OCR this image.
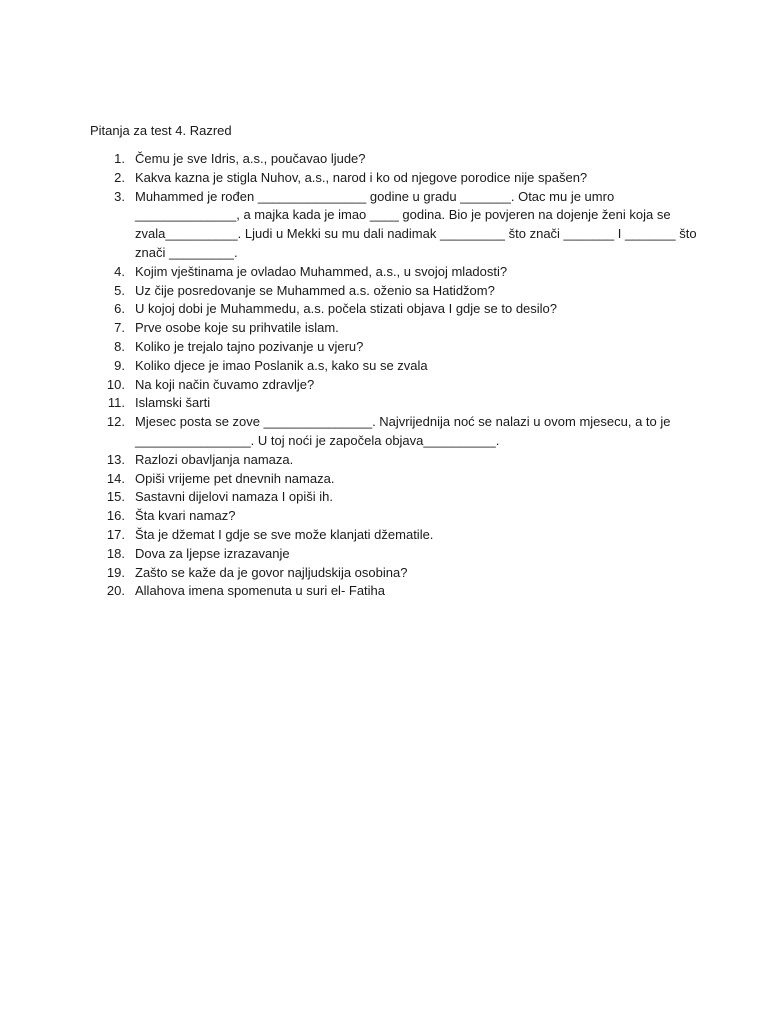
Pitanja za test 4. Razred
1. Čemu je sve Idris, a.s., poučavao ljude?
2. Kakva kazna je stigla Nuhov, a.s., narod i ko od njegove porodice nije spašen?
3. Muhammed je rođen _______________ godine u gradu _______. Otac mu je umro
______________, a majka kada je imao ____ godina. Bio je povjeren na dojenje ženi koja se
zvala__________. Ljudi u Mekki su mu dali nadimak _________ što znači _______ I _______ što
znači _________.
4. Kojim vještinama je ovladao Muhammed, a.s., u svojoj mladosti?
5. Uz čije posredovanje se Muhammed a.s. oženio sa Hatidžom?
6. U kojoj dobi je Muhammedu, a.s. počela stizati objava I gdje se to desilo?
7. Prve osobe koje su prihvatile islam.
8. Koliko je trejalo tajno pozivanje u vjeru?
9. Koliko djece je imao Poslanik a.s, kako su se zvala
10. Na koji način čuvamo zdravlje?
11. Islamski šarti
12. Mjesec posta se zove _______________. Najvrijednija noć se nalazi u ovom mjesecu, a to je
________________. U toj noći je započela objava__________.
13. Razlozi obavljanja namaza.
14. Opiši vrijeme pet dnevnih namaza.
15. Sastavni dijelovi namaza I opiši ih.
16. Šta kvari namaz?
17. Šta je džemat I gdje se sve može klanjati džematile.
18. Dova za ljepse izrazavanje
19. Zašto se kaže da je govor najljudskija osobina?
20. Allahova imena spomenuta u suri el- Fatiha
